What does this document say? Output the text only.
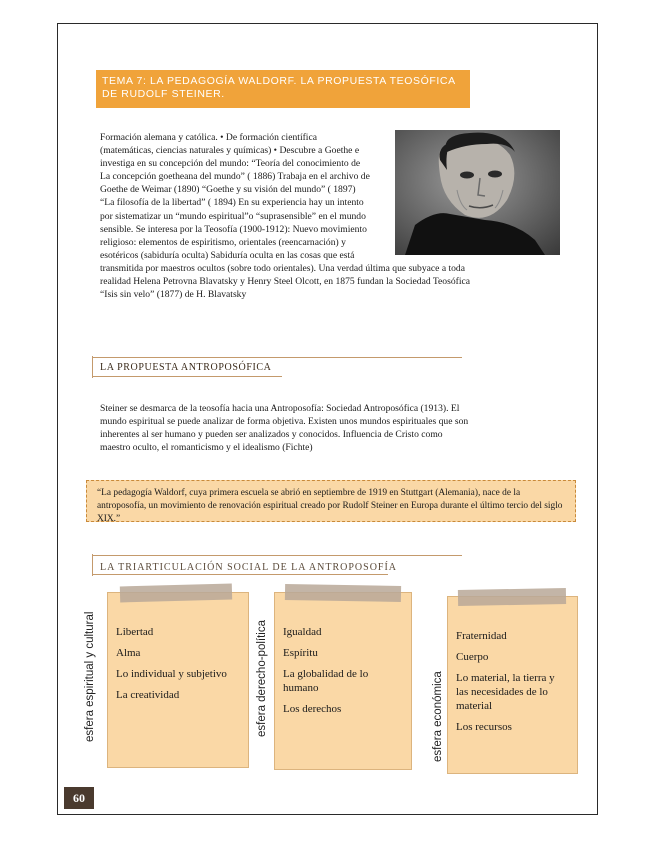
TEMA 7: LA PEDAGOGÍA WALDORF. LA PROPUESTA TEOSÓFICA DE RUDOLF STEINER.
Formación alemana y católica. • De formación científica (matemáticas, ciencias naturales y químicas) • Descubre a Goethe e investiga en su concepción del mundo: “Teoría del conocimiento de La concepción goetheana del mundo” ( 1886) Trabaja en el archivo de Goethe de Weimar (1890) “Goethe y su visión del mundo” ( 1897) “La filosofía de la libertad” ( 1894) En su experiencia hay un intento por sistematizar un “mundo espiritual”o “suprasensible” en el mundo sensible. Se interesa por la Teosofía (1900-1912): Nuevo movimiento religioso: elementos de espiritismo, orientales (reencarnación) y esotéricos (sabiduría oculta) Sabiduría oculta en las cosas que está transmitida por maestros ocultos (sobre todo orientales). Una verdad última que subyace a toda realidad Helena Petrovna Blavatsky y Henry Steel Olcott, en 1875 fundan la Sociedad Teosófica “Isis sin velo” (1877) de H. Blavatsky
LA PROPUESTA ANTROPOSÓFICA
Steiner se desmarca de la teosofía hacia una Antroposofía: Sociedad Antroposófica (1913). El mundo espiritual se puede analizar de forma objetiva. Existen unos mundos espirituales que son inherentes al ser humano y pueden ser analizados y conocidos. Influencia de Cristo como maestro oculto, el romanticismo y el idealismo (Fichte)
“La pedagogía Waldorf, cuya primera escuela se abrió en septiembre de 1919 en Stuttgart (Alemania), nace de la antroposofía, un movimiento de renovación espiritual creado por Rudolf Steiner en Europa durante el último tercio del siglo XIX.”
LA TRIARTICULACIÓN SOCIAL DE LA ANTROPOSOFÍA
esfera espiritual y cultural Libertad

Alma

Lo individual y subjetivo

La creatividad	esfera derecho-política Igualdad

Espíritu

La globalidad de lo humano

Los derechos	esfera económica

Fraternidad

Cuerpo

Lo material, la tierra y las necesidades de lo material

Los recursos

60
